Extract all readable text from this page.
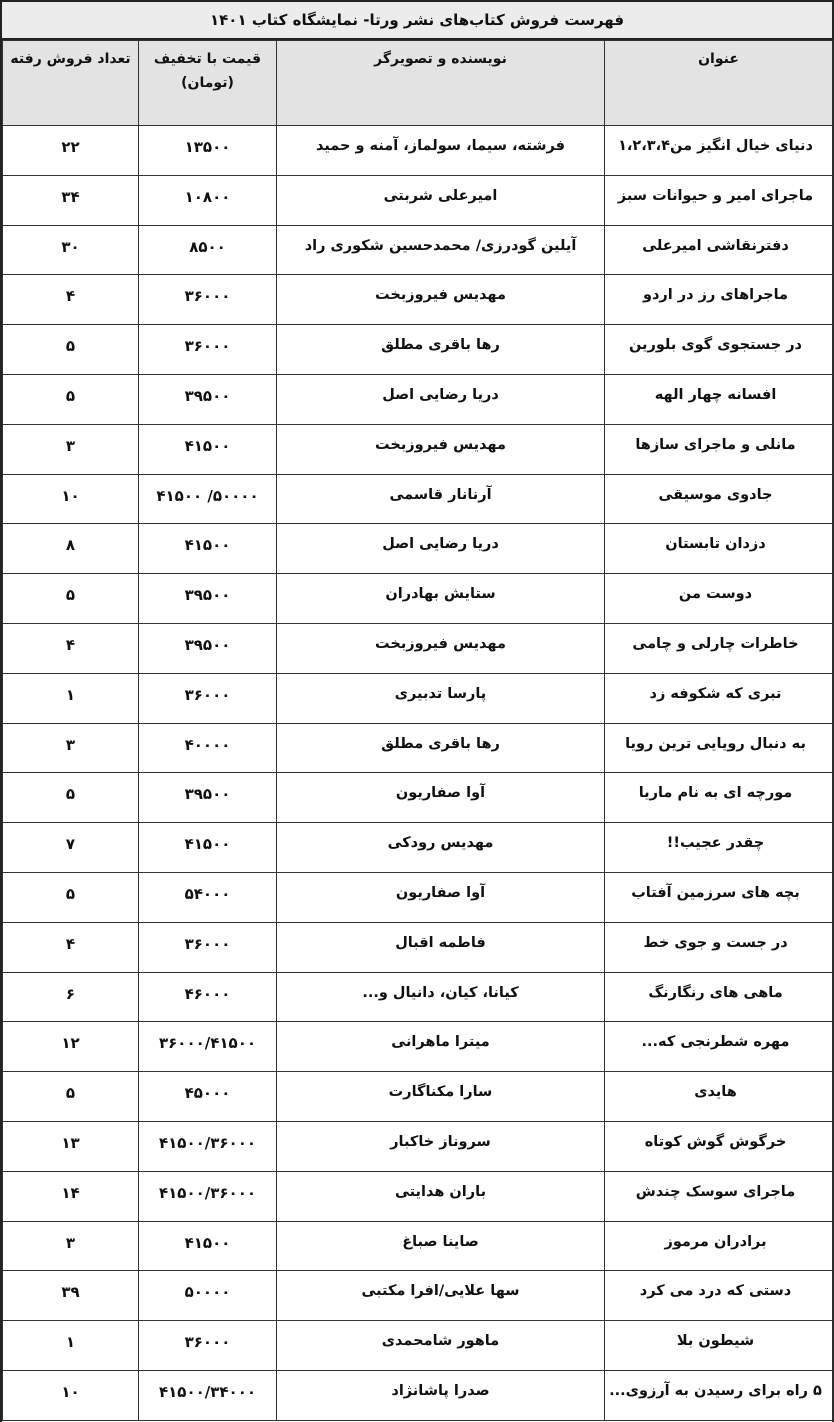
فهرست فروش کتاب‌های نشر ورتا- نمایشگاه کتاب ۱۴۰۱
عنوان	نویسنده و تصویرگر	قیمت با تخفیف (تومان)	تعداد فروش رفته
دنیای خیال انگیز من۱،۲،۳،۴	فرشته، سیما، سولماز، آمنه و حمید	۱۳۵۰۰	۲۲
ماجرای امیر و حیوانات سبز	امیرعلی شربتی	۱۰۸۰۰	۳۴
دفترنقاشی امیرعلی	آیلین گودرزی/ محمدحسین شکوری راد	۸۵۰۰	۳۰
ماجراهای رز در اردو	مهدیس فیروزبخت	۳۶۰۰۰	۴
در جستجوی گوی بلورین	رها باقری مطلق	۳۶۰۰۰	۵
افسانه چهار الهه	دریا رضایی اصل	۳۹۵۰۰	۵
مانلی و ماجرای سازها	مهدیس فیروزبخت	۴۱۵۰۰	۳
جادوی موسیقی	آرنانار قاسمی	۵۰۰۰۰/ ۴۱۵۰۰	۱۰
دزدان تابستان	دریا رضایی اصل	۴۱۵۰۰	۸
دوست من	ستایش بهادران	۳۹۵۰۰	۵
خاطرات چارلی و چامی	مهدیس فیروزبخت	۳۹۵۰۰	۴
تبری که شکوفه زد	پارسا تدبیری	۳۶۰۰۰	۱
به دنبال رویایی ترین رویا	رها باقری مطلق	۴۰۰۰۰	۳
مورچه ای به نام ماریا	آوا صفاریون	۳۹۵۰۰	۵
چقدر عجیب!!	مهدیس رودکی	۴۱۵۰۰	۷
بچه های سرزمین آفتاب	آوا صفاریون	۵۴۰۰۰	۵
در جست و جوی خط	فاطمه اقبال	۳۶۰۰۰	۴
ماهی های رنگارنگ	کیانا، کیان، دانیال و...	۴۶۰۰۰	۶
مهره شطرنجی که...	میترا ماهرانی	۳۶۰۰۰/۴۱۵۰۰	۱۲
هایدی	سارا مکناگارت	۴۵۰۰۰	۵
خرگوش گوش کوتاه	سروناز خاکبار	۴۱۵۰۰/۳۶۰۰۰	۱۳
ماجرای سوسک چندش	باران هدایتی	۴۱۵۰۰/۳۶۰۰۰	۱۴
برادران مرموز	صاینا صباغ	۴۱۵۰۰	۳
دستی که درد می کرد	سها علایی/افرا مکتبی	۵۰۰۰۰	۳۹
شیطون بلا	ماهور شامحمدی	۳۶۰۰۰	۱
۵ راه برای رسیدن به آرزوی...	صدرا پاشانژاد	۴۱۵۰۰/۳۴۰۰۰	۱۰
